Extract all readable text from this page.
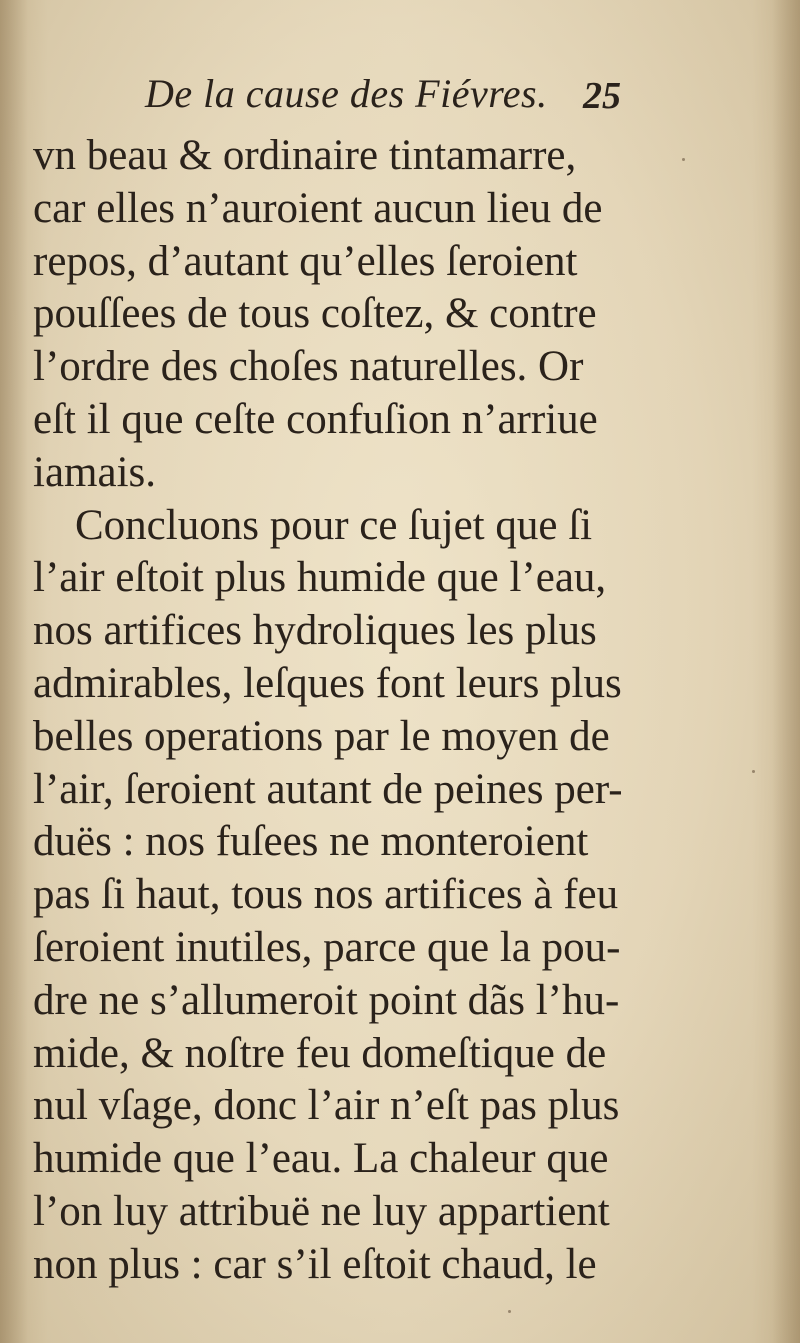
De la cause des Fiévres. 25
vn beau & ordinaire tintamarre,
car elles n’auroient aucun lieu de
repos, d’autant qu’elles ſeroient
pouſſees de tous coſtez, & contre
l’ordre des choſes naturelles. Or
eſt il que ceſte confuſion n’arriue
iamais.
Concluons pour ce ſujet que ſi
l’air eſtoit plus humide que l’eau,
nos artifices hydroliques les plus
admirables, leſques font leurs plus
belles operations par le moyen de
l’air, ſeroient autant de peines per-
duës : nos fuſees ne monteroient
pas ſi haut, tous nos artifices à feu
ſeroient inutiles, parce que la pou-
dre ne s’allumeroit point dãs l’hu-
mide, & noſtre feu domeſtique de
nul vſage, donc l’air n’eſt pas plus
humide que l’eau. La chaleur que
l’on luy attribuë ne luy appartient
non plus : car s’il eſtoit chaud, le
